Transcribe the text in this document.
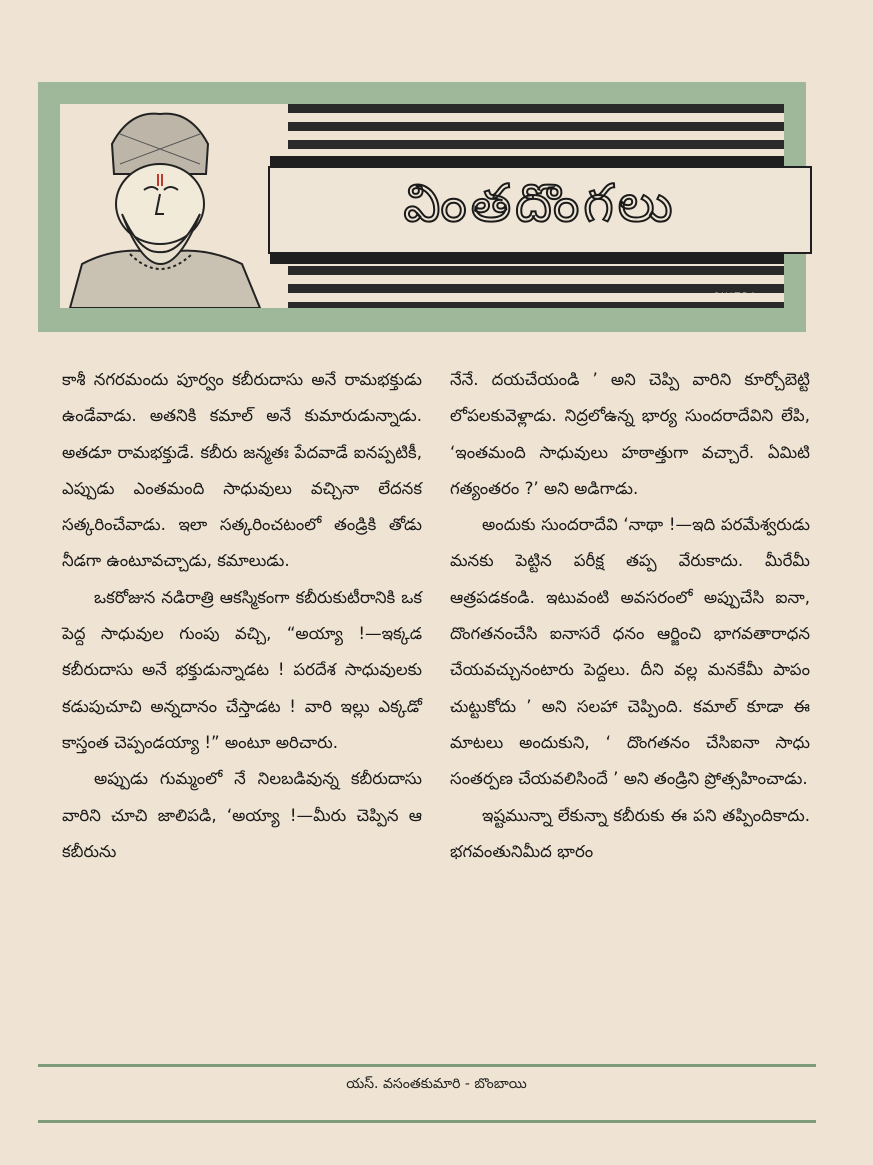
వింతదొంగలు
CHITRA

కాశీ నగరమందు పూర్వం కబీరుదాసు అనే రామభక్తుడు ఉండేవాడు. అతనికి కమాల్ అనే కుమారుడున్నాడు. అతడూ రామభక్తుడే. కబీరు జన్మతః పేదవాడే ఐనప్పటికీ, ఎప్పుడు ఎంతమంది సాధువులు వచ్చినా లేదనక సత్కరించేవాడు. ఇలా సత్కరించటంలో తండ్రికి తోడు నీడగా ఉంటూవచ్చాడు, కమాలుడు.

ఒకరోజున నడిరాత్రి ఆకస్మికంగా కబీరుకుటీరానికి ఒక పెద్ద సాధువుల గుంపు వచ్చి, “అయ్యా !—ఇక్కడ కబీరుదాసు అనే భక్తుడున్నాడట ! పరదేశ సాధువులకు కడుపుచూచి అన్నదానం చేస్తాడట ! వారి ఇల్లు ఎక్కడో కాస్తంత చెప్పండయ్యా !” అంటూ అరిచారు.

అప్పుడు గుమ్మంలో నే నిలబడివున్న కబీరుదాసు వారిని చూచి జాలిపడి, ‘అయ్యా !—మీరు చెప్పిన ఆ కబీరును

నేనే. దయచేయండి ’ అని చెప్పి వారిని కూర్చోబెట్టి లోపలకువెళ్లాడు. నిద్రలోఉన్న భార్య సుందరాదేవిని లేపి, ‘ఇంతమంది సాధువులు హఠాత్తుగా వచ్చారే. ఏమిటి గత్యంతరం ?’ అని అడిగాడు.

అందుకు సుందరాదేవి ‘నాథా !—ఇది పరమేశ్వరుడు మనకు పెట్టిన పరీక్ష తప్ప వేరుకాదు. మీరేమీ ఆత్రపడకండి. ఇటువంటి అవసరంలో అప్పుచేసి ఐనా, దొంగతనంచేసి ఐనాసరే ధనం ఆర్జించి భాగవతారాధన చేయవచ్చునంటారు పెద్దలు. దీని వల్ల మనకేమీ పాపం చుట్టుకోదు ’ అని సలహా చెప్పింది. కమాల్ కూడా ఈ మాటలు అందుకుని, ‘ దొంగతనం చేసిఐనా సాధు సంతర్పణ చేయవలిసిందే ’ అని తండ్రిని ప్రోత్సహించాడు.

ఇష్టమున్నా లేకున్నా కబీరుకు ఈ పని తప్పిందికాదు. భగవంతునిమీద భారం

యస్. వసంతకుమారి - బొంబాయి
